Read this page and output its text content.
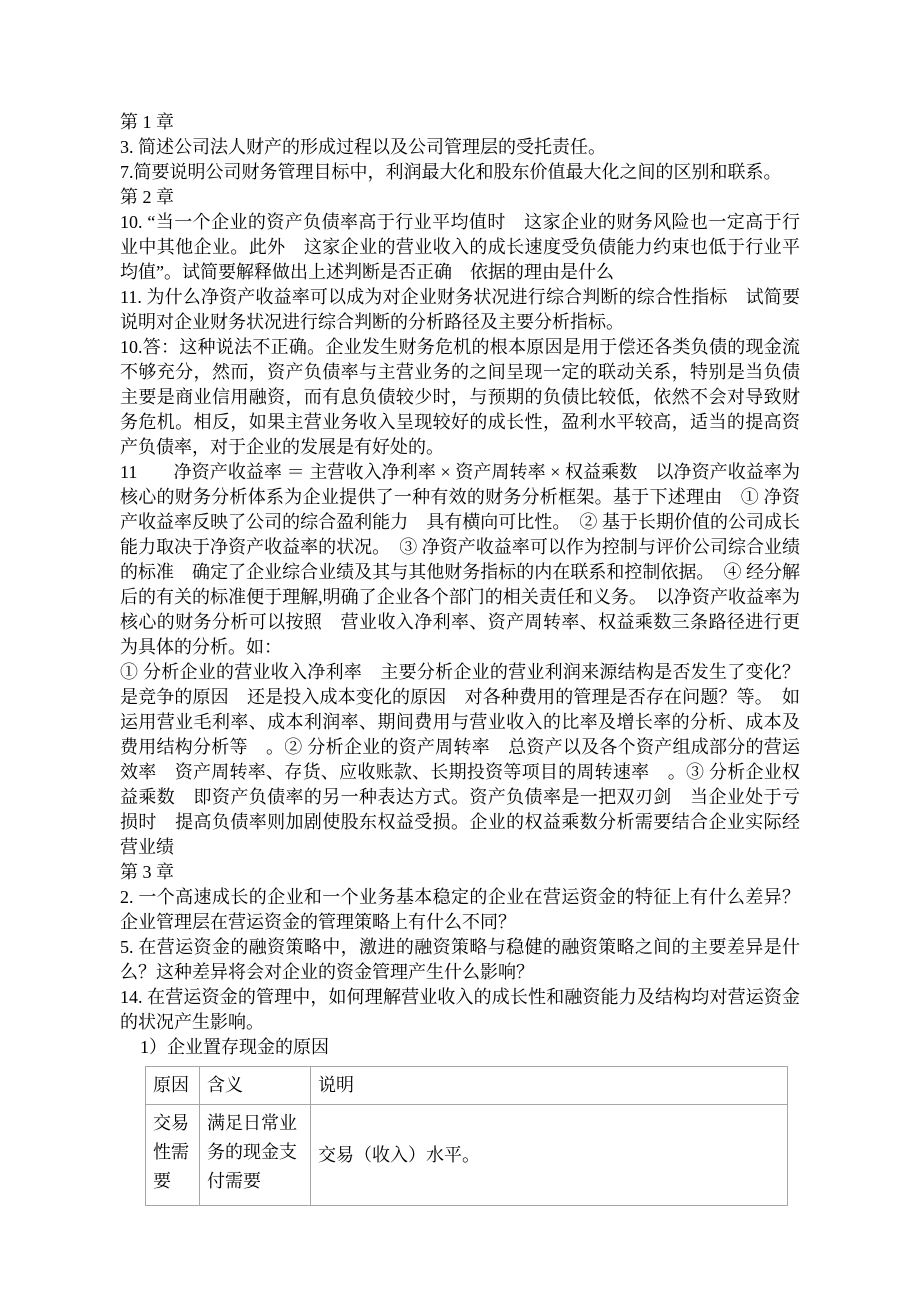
第 1 章

3. 简述公司法人财产的形成过程以及公司管理层的受托责任。

7.简要说明公司财务管理目标中，利润最大化和股东价值最大化之间的区别和联系。

第 2 章

10. “当一个企业的资产负债率高于行业平均值时　这家企业的财务风险也一定高于行业中其他企业。此外　这家企业的营业收入的成长速度受负债能力约束也低于行业平均值”。试简要解释做出上述判断是否正确　依据的理由是什么

11. 为什么净资产收益率可以成为对企业财务状况进行综合判断的综合性指标　试简要说明对企业财务状况进行综合判断的分析路径及主要分析指标。

10.答：这种说法不正确。企业发生财务危机的根本原因是用于偿还各类负债的现金流不够充分，然而，资产负债率与主营业务的之间呈现一定的联动关系，特别是当负债主要是商业信用融资，而有息负债较少时，与预期的负债比较低，依然不会对导致财务危机。相反，如果主营业务收入呈现较好的成长性，盈利水平较高，适当的提高资产负债率，对于企业的发展是有好处的。

11　　净资产收益率 ＝ 主营收入净利率 × 资产周转率 × 权益乘数　以净资产收益率为核心的财务分析体系为企业提供了一种有效的财务分析框架。基于下述理由　① 净资产收益率反映了公司的综合盈利能力　具有横向可比性。　② 基于长期价值的公司成长能力取决于净资产收益率的状况。　③ 净资产收益率可以作为控制与评价公司综合业绩的标准　确定了企业综合业绩及其与其他财务指标的内在联系和控制依据。　④ 经分解后的有关的标准便于理解,明确了企业各个部门的相关责任和义务。　以净资产收益率为核心的财务分析可以按照　营业收入净利率、资产周转率、权益乘数三条路径进行更为具体的分析。如：

① 分析企业的营业收入净利率　主要分析企业的营业利润来源结构是否发生了变化？是竞争的原因　还是投入成本变化的原因　对各种费用的管理是否存在问题？等。　如运用营业毛利率、成本利润率、期间费用与营业收入的比率及增长率的分析、成本及费用结构分析等　。② 分析企业的资产周转率　总资产以及各个资产组成部分的营运效率　资产周转率、存货、应收账款、长期投资等项目的周转速率　。③ 分析企业权益乘数　即资产负债率的另一种表达方式。资产负债率是一把双刃剑　当企业处于亏损时　提高负债率则加剧使股东权益受损。企业的权益乘数分析需要结合企业实际经营业绩

第 3 章

2. 一个高速成长的企业和一个业务基本稳定的企业在营运资金的特征上有什么差异？企业管理层在营运资金的管理策略上有什么不同？

5. 在营运资金的融资策略中，激进的融资策略与稳健的融资策略之间的主要差异是什么？这种差异将会对企业的资金管理产生什么影响？

14. 在营运资金的管理中，如何理解营业收入的成长性和融资能力及结构均对营运资金的状况产生影响。

1）企业置存现金的原因

原因	含义	说明
交易性需要	满足日常业务的现金支付需要	交易（收入）水平。
